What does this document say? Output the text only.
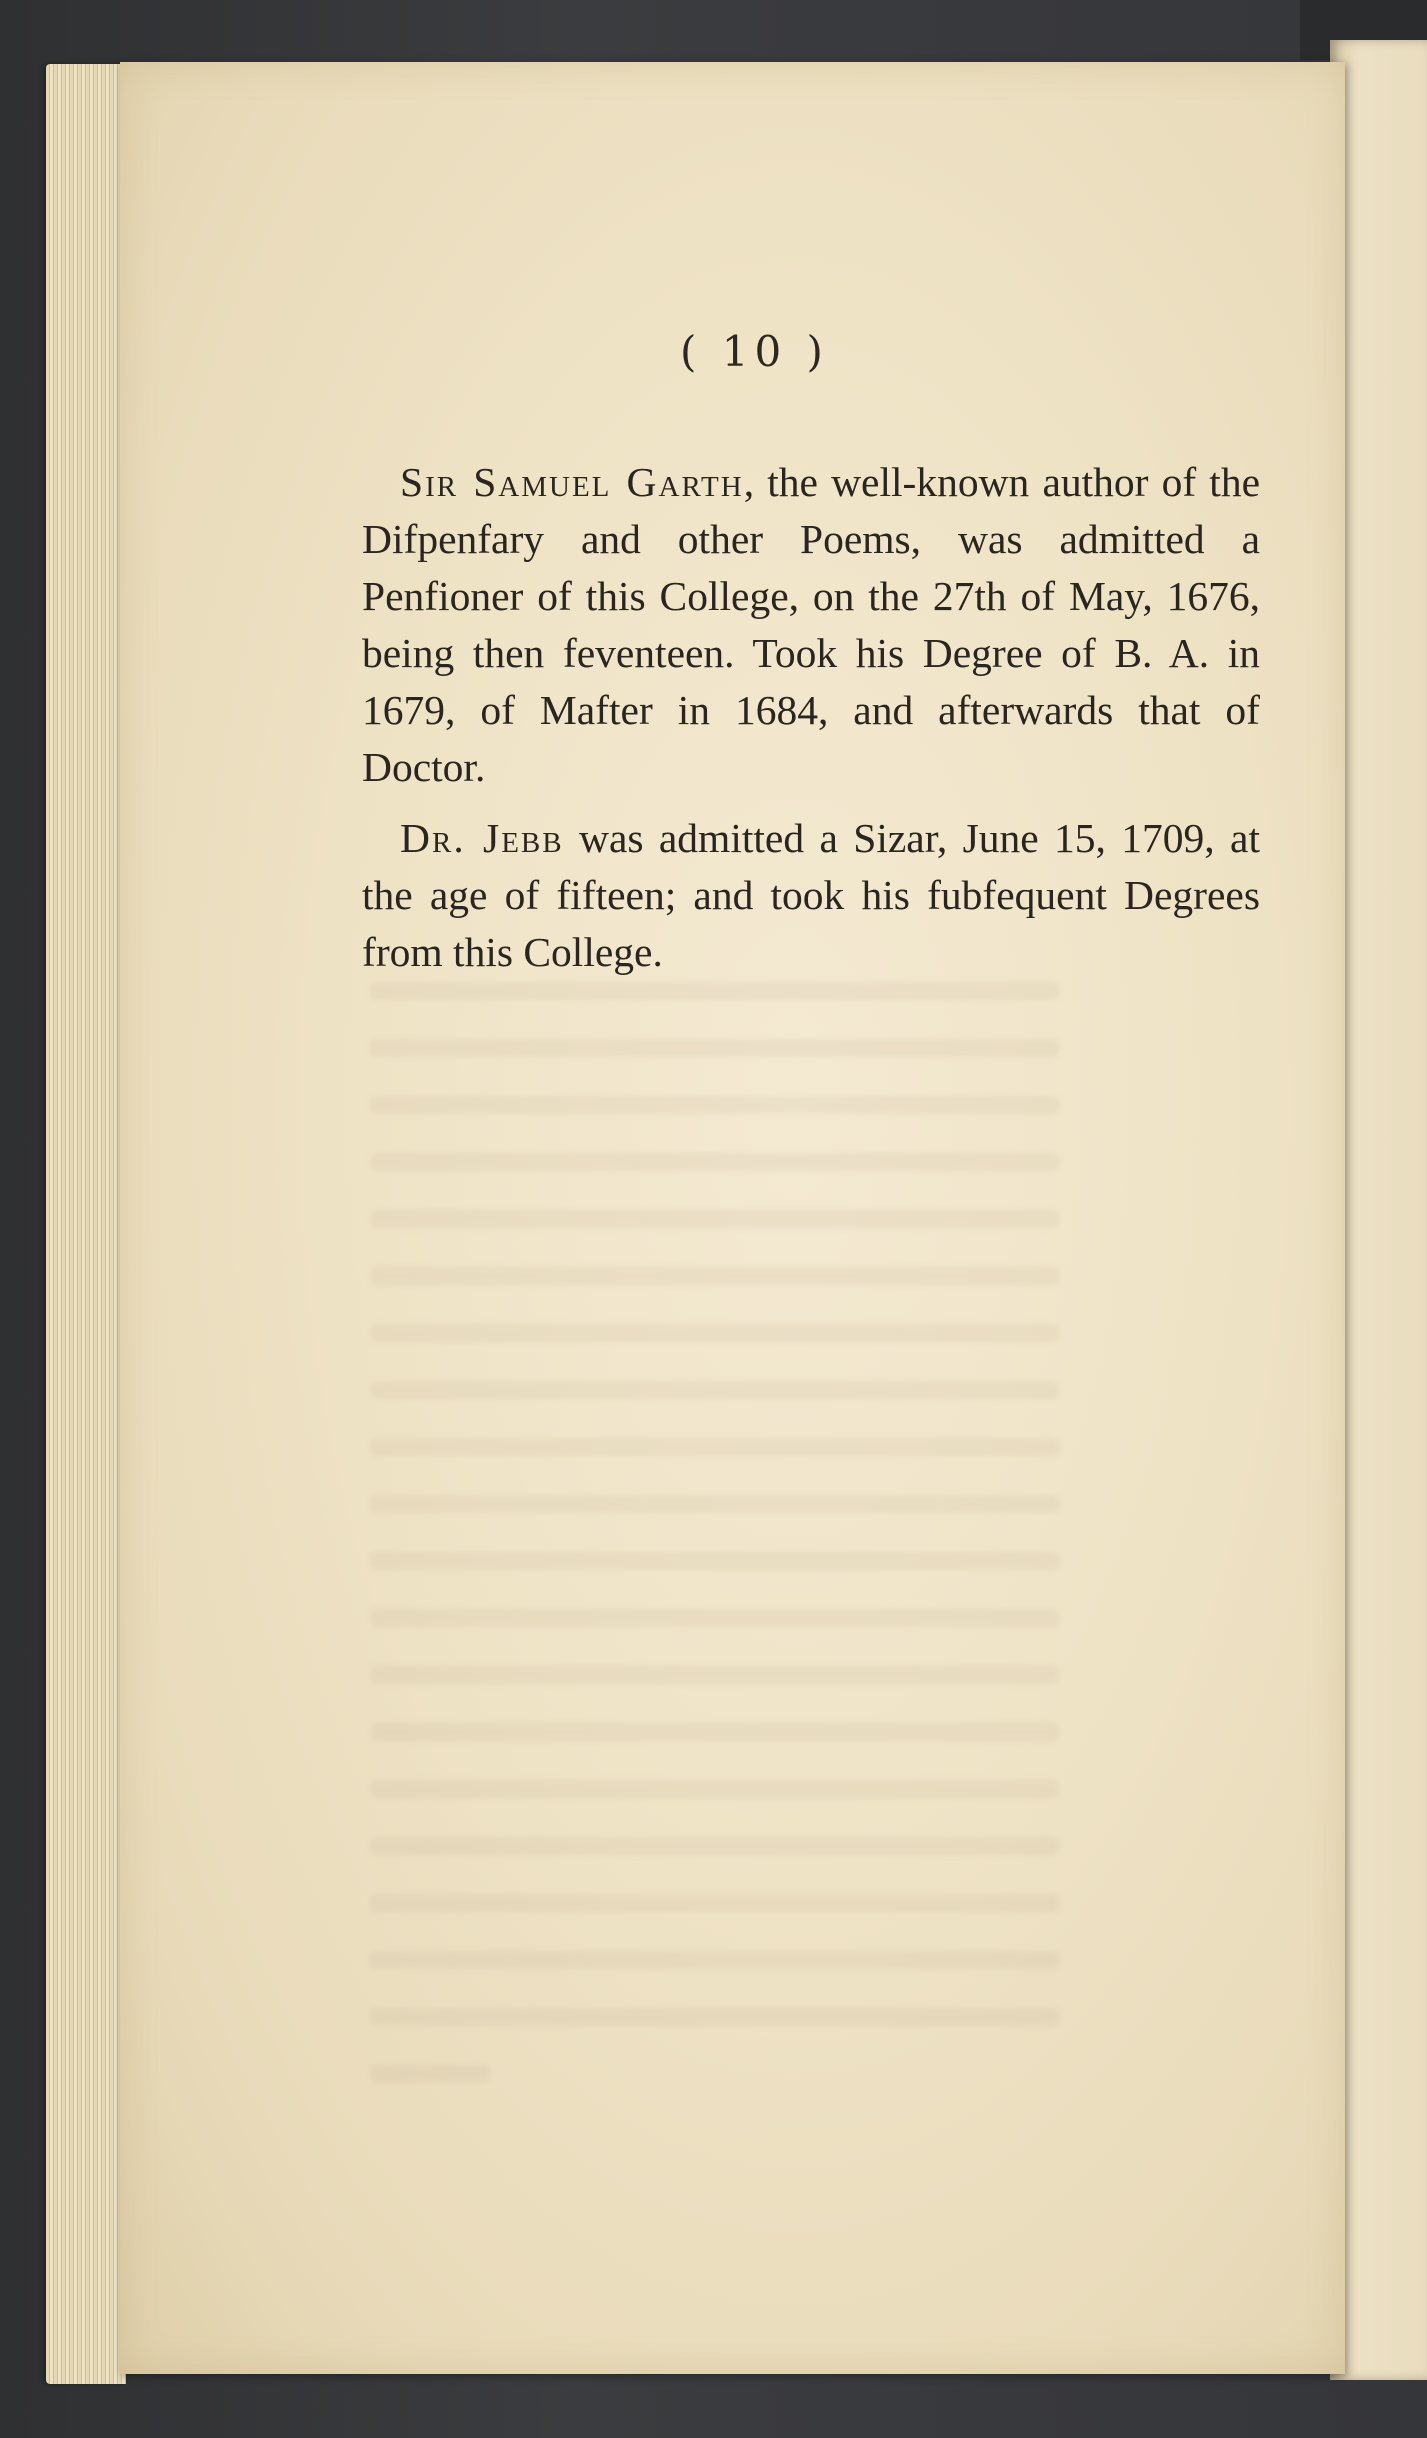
( 10 )

Sir Samuel Garth, the well-known author of the Difpenfary and other Poems, was admitted a Penfioner of this College, on the 27th of May, 1676, being then feventeen. Took his Degree of B. A. in 1679, of Mafter in 1684, and afterwards that of Doctor.

Dr. Jebb was admitted a Sizar, June 15, 1709, at the age of fifteen; and took his fubfequent Degrees from this College.
